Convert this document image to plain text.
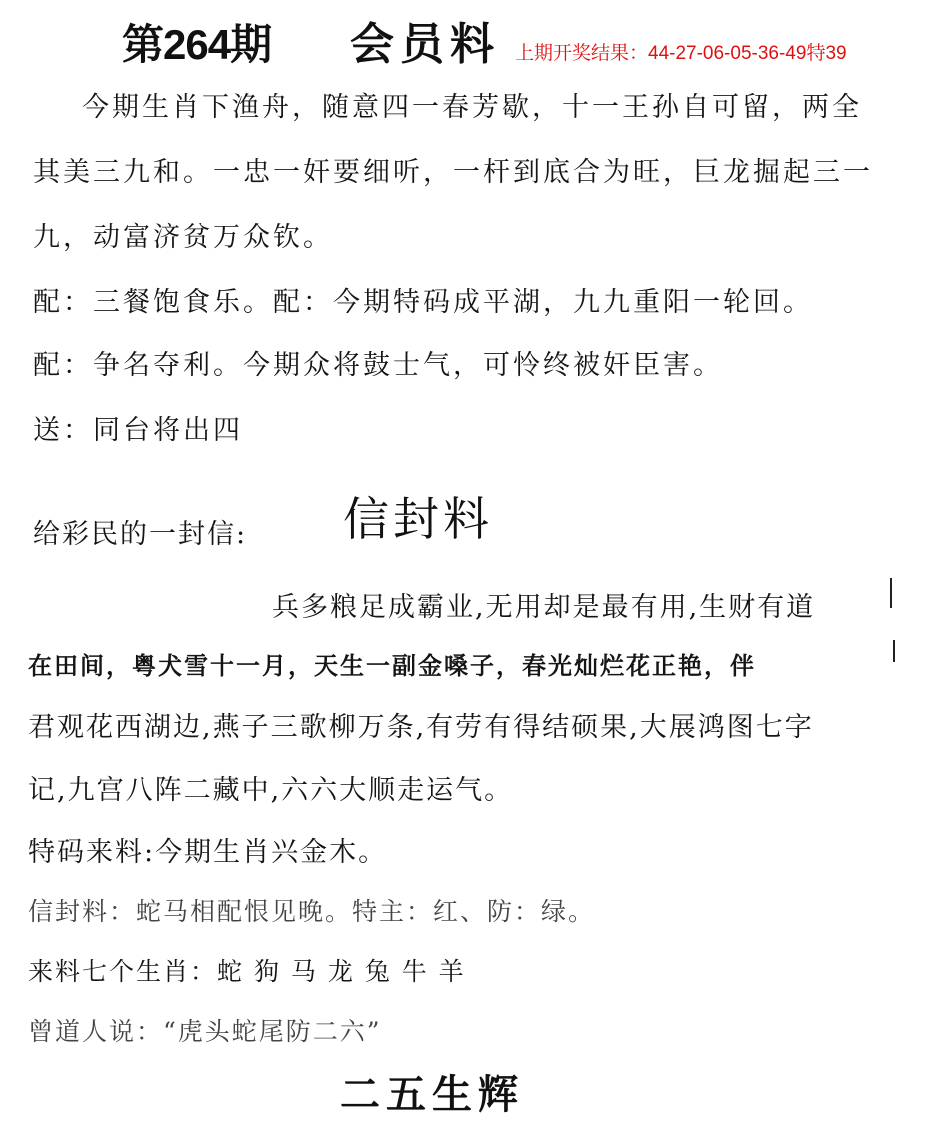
第264期 会员料 上期开奖结果：44-27-06-05-36-49特39
今期生肖下渔舟，随意四一春芳歇，十一王孙自可留，两全
其美三九和。一忠一奸要细听，一杆到底合为旺，巨龙掘起三一
九，动富济贫万众钦。
配：三餐饱食乐。配：今期特码成平湖，九九重阳一轮回。
配：争名夺利。今期众将鼓士气，可怜终被奸臣害。
送：同台将出四
给彩民的一封信: 信封料
兵多粮足成霸业,无用却是最有用,生财有道
在田间，粤犬雪十一月，天生一副金嗓子，春光灿烂花正艳，伴
君观花西湖边,燕子三歌柳万条,有劳有得结硕果,大展鸿图七字
记,九宫八阵二藏中,六六大顺走运气。
特码来料:今期生肖兴金木。
信封料：蛇马相配恨见晚。特主：红、防：绿。
来料七个生肖：蛇 狗 马 龙 兔 牛 羊
曾道人说：“虎头蛇尾防二六”
二五生辉
